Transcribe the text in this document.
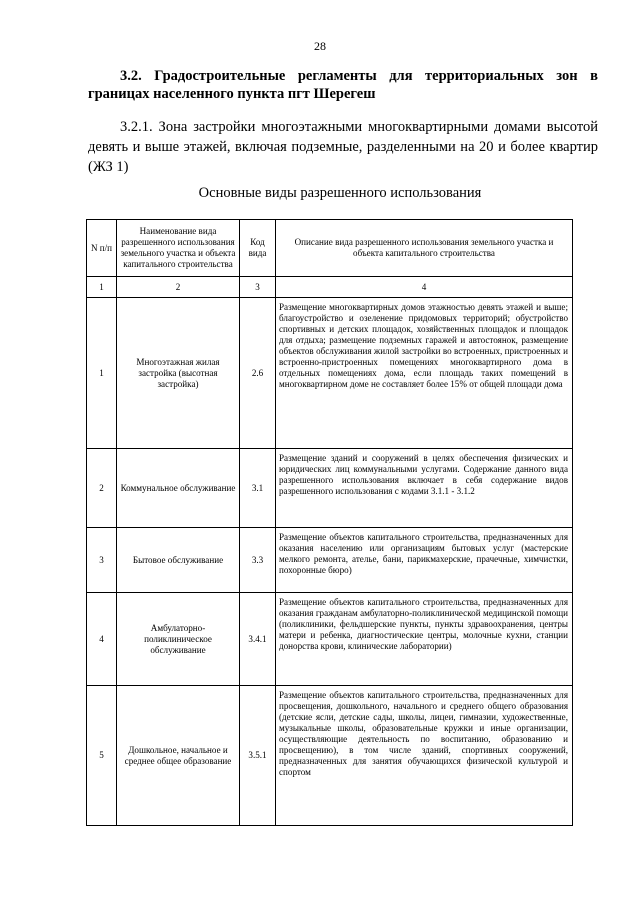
28
3.2. Градостроительные регламенты для территориальных зон в границах населенного пункта пгт Шерегеш
3.2.1. Зона застройки многоэтажными многоквартирными домами высотой девять и выше этажей, включая подземные, разделенными на 20 и более квартир (ЖЗ 1)
Основные виды разрешенного использования
N п/п	Наименование вида разрешенного использования земельного участка и объекта капитального строительства	Код вида	Описание вида разрешенного использования земельного участка и объекта капитального строительства
1	2	3	4
1	Многоэтажная жилая застройка (высотная застройка)	2.6	Размещение многоквартирных домов этажностью девять этажей и выше; благоустройство и озеленение придомовых территорий; обустройство спортивных и детских площадок, хозяйственных площадок и площадок для отдыха; размещение подземных гаражей и автостоянок, размещение объектов обслуживания жилой застройки во встроенных, пристроенных и встроенно-пристроенных помещениях многоквартирного дома в отдельных помещениях дома, если площадь таких помещений в многоквартирном доме не составляет более 15% от общей площади дома
2	Коммунальное обслуживание	3.1	Размещение зданий и сооружений в целях обеспечения физических и юридических лиц коммунальными услугами. Содержание данного вида разрешенного использования включает в себя содержание видов разрешенного использования с кодами 3.1.1 - 3.1.2
3	Бытовое обслуживание	3.3	Размещение объектов капитального строительства, предназначенных для оказания населению или организациям бытовых услуг (мастерские мелкого ремонта, ателье, бани, парикмахерские, прачечные, химчистки, похоронные бюро)
4	Амбулаторно-поликлиническое обслуживание	3.4.1	Размещение объектов капитального строительства, предназначенных для оказания гражданам амбулаторно-поликлинической медицинской помощи (поликлиники, фельдшерские пункты, пункты здравоохранения, центры матери и ребенка, диагностические центры, молочные кухни, станции донорства крови, клинические лаборатории)
5	Дошкольное, начальное и среднее общее образование	3.5.1	Размещение объектов капитального строительства, предназначенных для просвещения, дошкольного, начального и среднего общего образования (детские ясли, детские сады, школы, лицеи, гимназии, художественные, музыкальные школы, образовательные кружки и иные организации, осуществляющие деятельность по воспитанию, образованию и просвещению), в том числе зданий, спортивных сооружений, предназначенных для занятия обучающихся физической культурой и спортом
